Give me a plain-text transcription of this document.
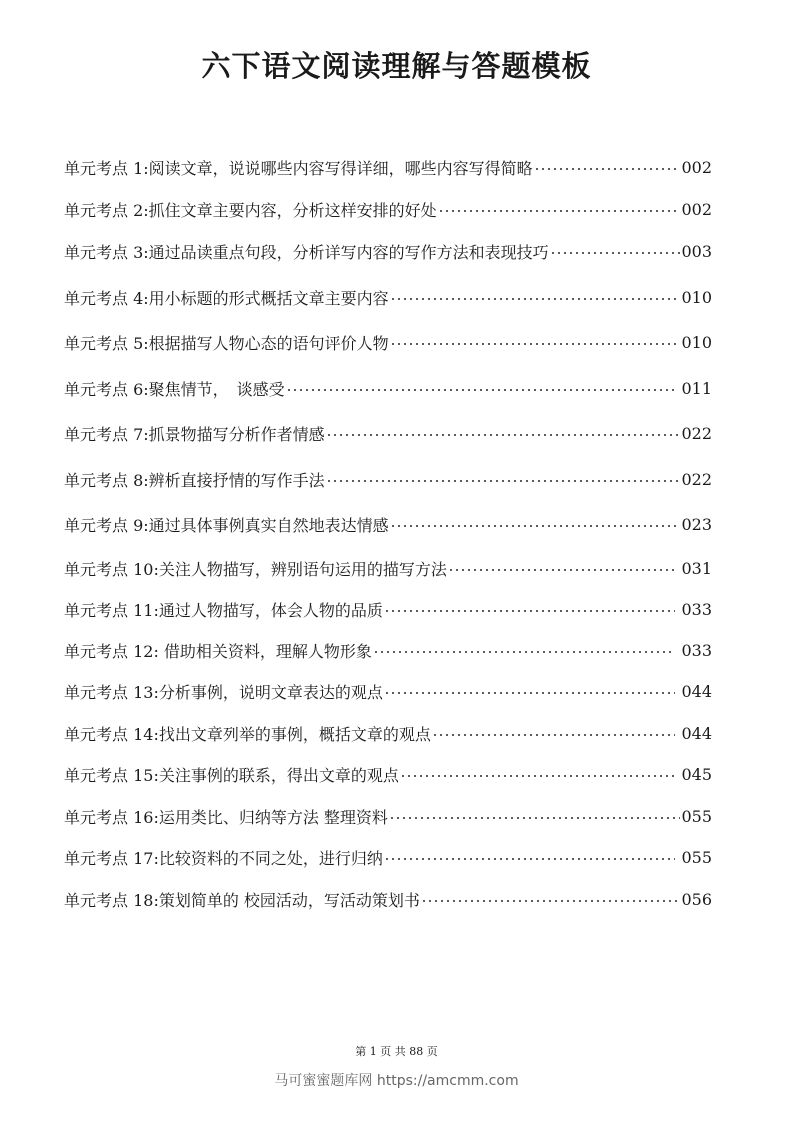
六下语文阅读理解与答题模板
单元考点 1:阅读文章，说说哪些内容写得详细，哪些内容写得简略	002
单元考点 2:抓住文章主要内容，分析这样安排的好处	002
单元考点 3:通过品读重点句段，分析详写内容的写作方法和表现技巧	003
单元考点 4:用小标题的形式概括文章主要内容	010
单元考点 5:根据描写人物心态的语句评价人物	010
单元考点 6:聚焦情节，　谈感受	011
单元考点 7:抓景物描写分析作者情感	022
单元考点 8:辨析直接抒情的写作手法	022
单元考点 9:通过具体事例真实自然地表达情感	023
单元考点 10:关注人物描写，辨别语句运用的描写方法	031
单元考点 11:通过人物描写，体会人物的品质	033
单元考点 12: 借助相关资料，理解人物形象	033
单元考点 13:分析事例，说明文章表达的观点	044
单元考点 14:找出文章列举的事例，概括文章的观点	044
单元考点 15:关注事例的联系，得出文章的观点	045
单元考点 16:运用类比、归纳等方法 整理资料	055
单元考点 17:比较资料的不同之处，进行归纳	055
单元考点 18:策划简单的 校园活动，写活动策划书	056
第 1 页 共 88 页
马可蜜蜜题库网 https://amcmm.com
